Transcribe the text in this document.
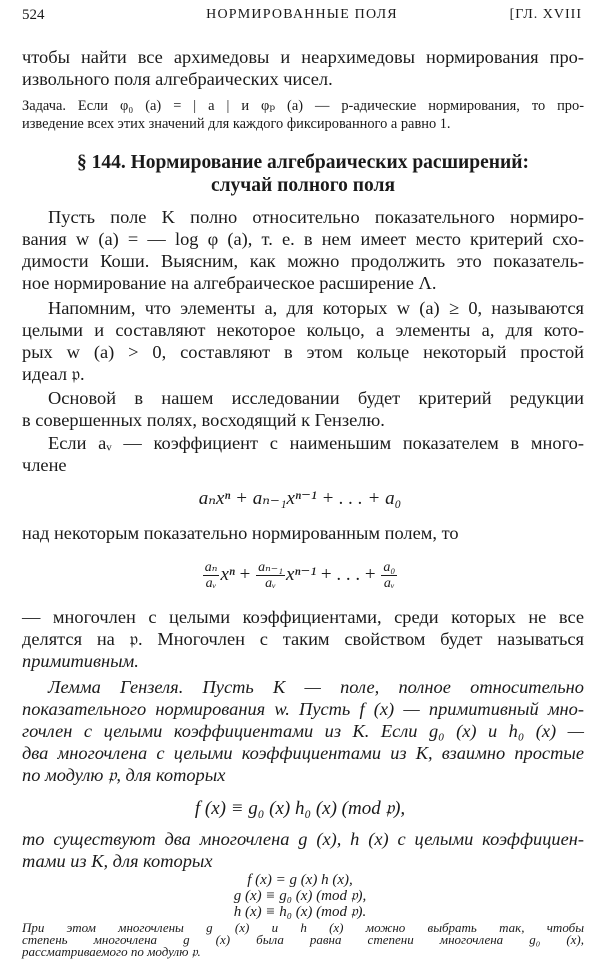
524	НОРМИРОВАННЫЕ ПОЛЯ	[ГЛ. XVIII
чтобы найти все архимедовы и неархимедовы нормирования про-
извольного поля алгебраических чисел.
Задача. Если φ₀ (a) = | a | и φₚ (a) — p-адические нормирования, то про-
изведение всех этих значений для каждого фиксированного a равно 1.
§ 144. Нормирование алгебраических расширений:
случай полного поля
Пусть поле K полно относительно показательного нормиро-
вания w (a) = — log φ (a), т. е. в нем имеет место критерий схо-
димости Коши. Выясним, как можно продолжить это показатель-
ное нормирование на алгебраическое расширение Λ.
Напомним, что элементы a, для которых w (a) ≥ 0, называются
целыми и составляют некоторое кольцо, а элементы a, для кото-
рых w (a) > 0, составляют в этом кольце некоторый простой
идеал 𝔭.
Основой в нашем исследовании будет критерий редукции
в совершенных полях, восходящий к Гензелю.
Если aᵥ — коэффициент с наименьшим показателем в много-
члене
aₙxⁿ + aₙ₋₁xⁿ⁻¹ + . . . + a₀
над некоторым показательно нормированным полем, то
$\frac{\text{aₙ}}{\text{aᵥ}}$ $x^n + \frac{\text{aₙ₋₁}}{\text{aᵥ}} x^{n-1}$ + . . . + $\frac{\text{a₀}}{\text{aᵥ}}$
— многочлен с целыми коэффициентами, среди которых не все
делятся на 𝔭. Многочлен с таким свойством будет называться
примитивным.
Лемма Гензеля. Пусть K — поле, полное относительно
показательного нормирования w. Пусть f (x) — примитивный мно-
гочлен с целыми коэффициентами из K. Если g₀ (x) и h₀ (x) —
два многочлена с целыми коэффициентами из K, взаимно простые
по модулю 𝔭, для которых
f (x) ≡ g₀ (x) h₀ (x) (mod 𝔭),
то существуют два многочлена g (x), h (x) с целыми коэффициен-
тами из K, для которых
f (x) = g (x) h (x),
g (x) ≡ g₀ (x) (mod 𝔭),
h (x) ≡ h₀ (x) (mod 𝔭).
При этом многочлены g (x) и h (x) можно выбрать так, чтобы
степень многочлена g (x) была равна степени многочлена g₀ (x),
рассматриваемого по модулю 𝔭.
